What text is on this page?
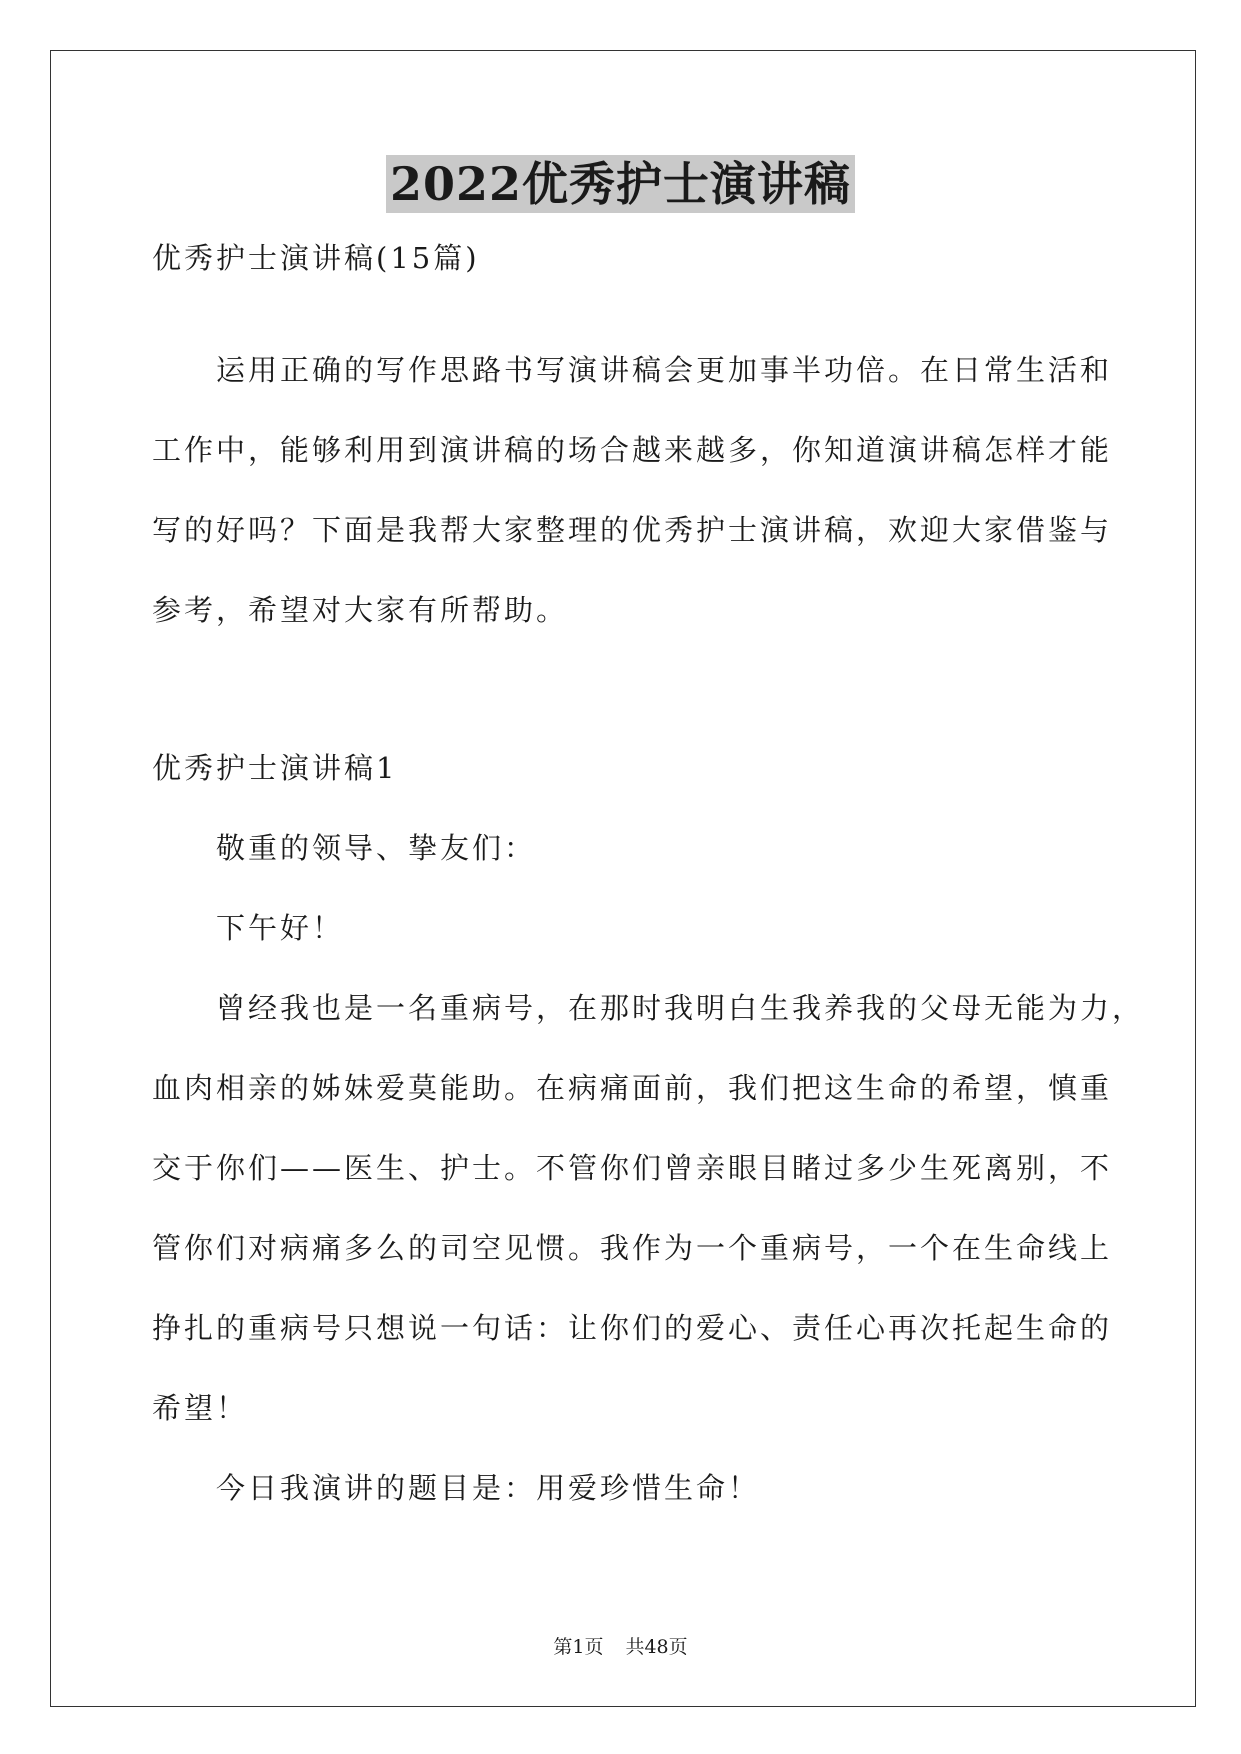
2022优秀护士演讲稿
优秀护士演讲稿(15篇)
　　运用正确的写作思路书写演讲稿会更加事半功倍。在日常生活和
工作中，能够利用到演讲稿的场合越来越多，你知道演讲稿怎样才能
写的好吗？下面是我帮大家整理的优秀护士演讲稿，欢迎大家借鉴与
参考，希望对大家有所帮助。
优秀护士演讲稿1
　　敬重的领导、挚友们：
　　下午好！
　　曾经我也是一名重病号，在那时我明白生我养我的父母无能为力，
血肉相亲的姊妹爱莫能助。在病痛面前，我们把这生命的希望，慎重
交于你们——医生、护士。不管你们曾亲眼目睹过多少生死离别，不
管你们对病痛多么的司空见惯。我作为一个重病号，一个在生命线上
挣扎的重病号只想说一句话：让你们的爱心、责任心再次托起生命的
希望！
　　今日我演讲的题目是：用爱珍惜生命！
第1页 共48页
